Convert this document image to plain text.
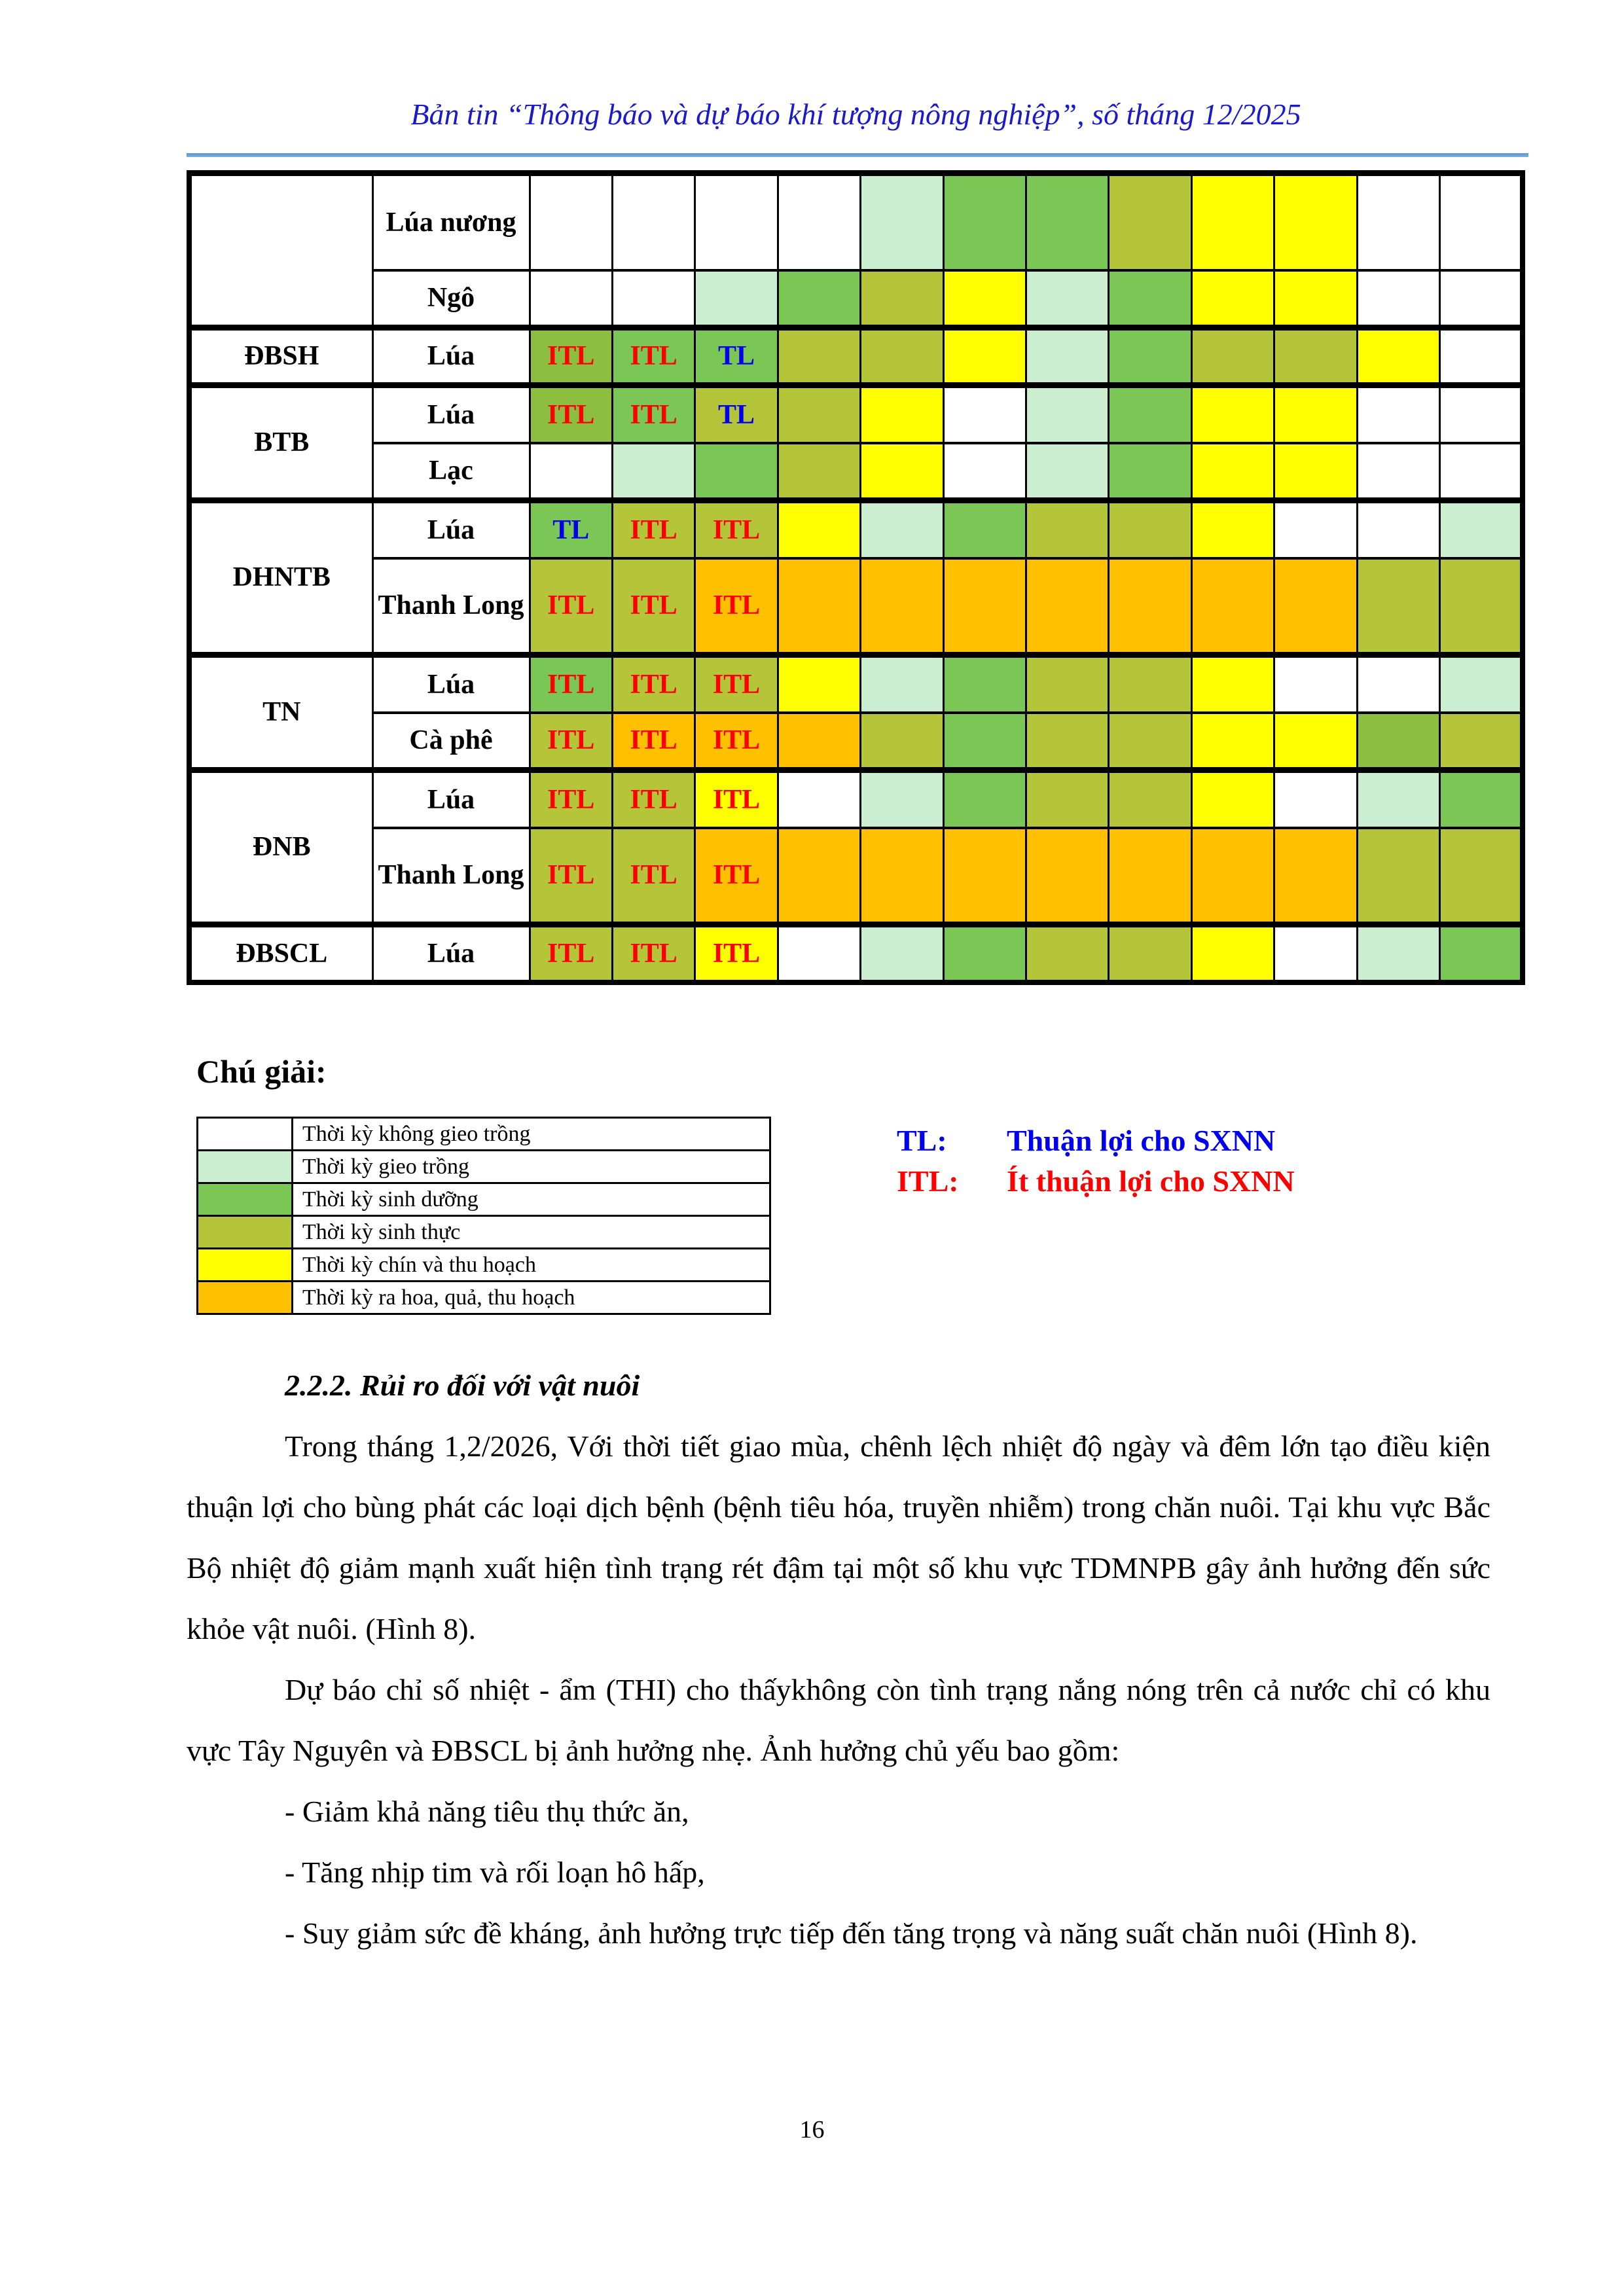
Bản tin “Thông báo và dự báo khí tượng nông nghiệp”, số tháng 12/2025
	Lúa nương												
	Ngô												
ĐBSH	Lúa	ITL	ITL	TL									
BTB	Lúa	ITL	ITL	TL									
	Lạc												
DHNTB	Lúa	TL	ITL	ITL									
	Thanh Long	ITL	ITL	ITL									
TN	Lúa	ITL	ITL	ITL									
	Cà phê	ITL	ITL	ITL									
ĐNB	Lúa	ITL	ITL	ITL									
	Thanh Long	ITL	ITL	ITL									
ĐBSCL	Lúa	ITL	ITL	ITL									
Chú giải:
	Thời kỳ không gieo trồng
	Thời kỳ gieo trồng
	Thời kỳ sinh dưỡng
	Thời kỳ sinh thực
	Thời kỳ chín và thu hoạch
	Thời kỳ ra hoa, quả, thu hoạch
TL:	Thuận lợi cho SXNN
ITL:	Ít thuận lợi cho SXNN

2.2.2. Rủi ro đối với vật nuôi

Trong tháng 1,2/2026, Với thời tiết giao mùa, chênh lệch nhiệt độ ngày và đêm lớn tạo điều kiện thuận lợi cho bùng phát các loại dịch bệnh (bệnh tiêu hóa, truyền nhiễm) trong chăn nuôi. Tại khu vực Bắc Bộ nhiệt độ giảm mạnh xuất hiện tình trạng rét đậm tại một số khu vực TDMNPB gây ảnh hưởng đến sức khỏe vật nuôi. (Hình 8).

Dự báo chỉ số nhiệt - ẩm (THI) cho thấykhông còn tình trạng nắng nóng trên cả nước chỉ có khu vực Tây Nguyên và ĐBSCL bị ảnh hưởng nhẹ. Ảnh hưởng chủ yếu bao gồm:

- Giảm khả năng tiêu thụ thức ăn,

- Tăng nhịp tim và rối loạn hô hấp,

- Suy giảm sức đề kháng, ảnh hưởng trực tiếp đến tăng trọng và năng suất chăn nuôi (Hình 8).

16
